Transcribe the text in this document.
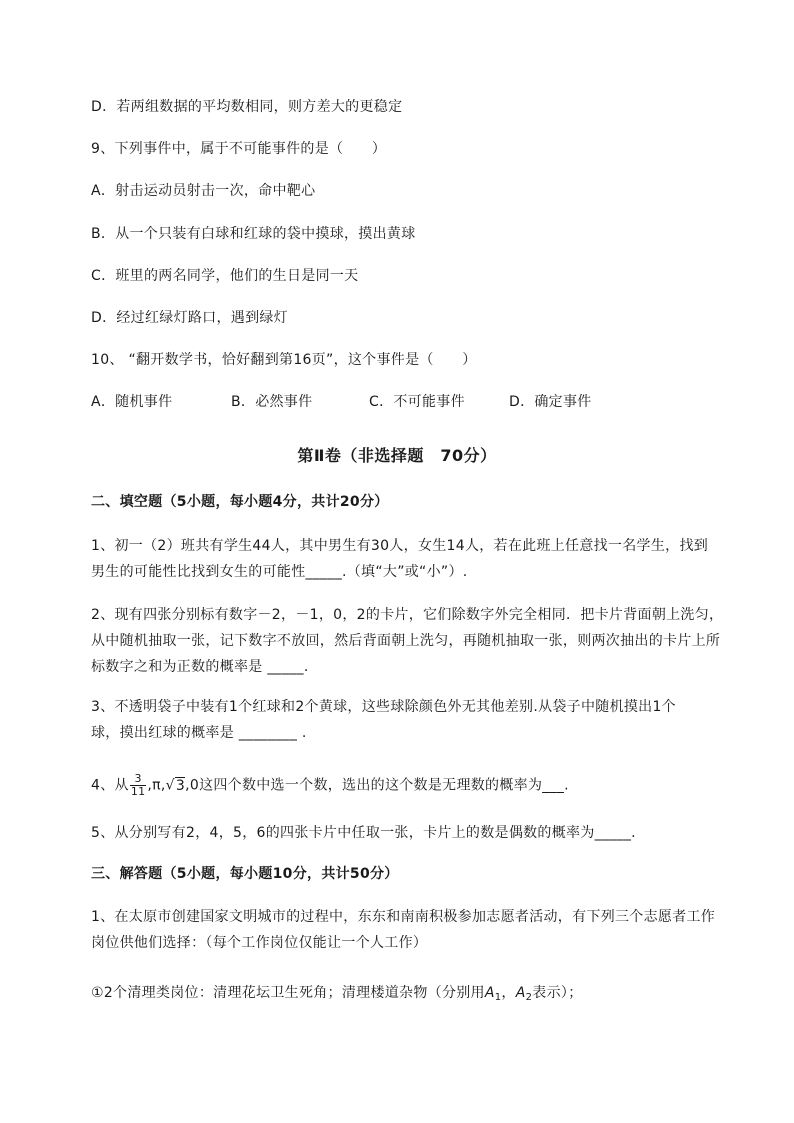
D．若两组数据的平均数相同，则方差大的更稳定
9、下列事件中，属于不可能事件的是（　　）
A．射击运动员射击一次，命中靶心
B．从一个只装有白球和红球的袋中摸球，摸出黄球
C．班里的两名同学，他们的生日是同一天
D．经过红绿灯路口，遇到绿灯
10、 “翻开数学书，恰好翻到第16页”，这个事件是（　　）
A．随机事件	B．必然事件	C．不可能事件	D．确定事件
第Ⅱ卷（非选择题　70分）
二、填空题（5小题，每小题4分，共计20分）
1、初一（2）班共有学生44人，其中男生有30人，女生14人，若在此班上任意找一名学生，找到
男生的可能性比找到女生的可能性_____.（填“大”或“小”）.
2、现有四张分别标有数字－2，－1，0，2的卡片，它们除数字外完全相同．把卡片背面朝上洗匀，
从中随机抽取一张，记下数字不放回，然后背面朝上洗匀，再随机抽取一张，则两次抽出的卡片上所
标数字之和为正数的概率是 _____.
3、不透明袋子中装有1个红球和2个黄球，这些球除颜色外无其他差别.从袋子中随机摸出1个
球，摸出红球的概率是 ________ .
4、从 $\frac{3}{11} ,\pi,√3,0$这四个数中选一个数，选出的这个数是无理数的概率为___.
5、从分别写有2，4，5，6的四张卡片中任取一张，卡片上的数是偶数的概率为_____.
三、解答题（5小题，每小题10分，共计50分）
1、在太原市创建国家文明城市的过程中，东东和南南积极参加志愿者活动，有下列三个志愿者工作
岗位供他们选择：（每个工作岗位仅能让一个人工作）
①2个清理类岗位：清理花坛卫生死角；清理楼道杂物（分别用$A_1$，$A_2$表示）；
